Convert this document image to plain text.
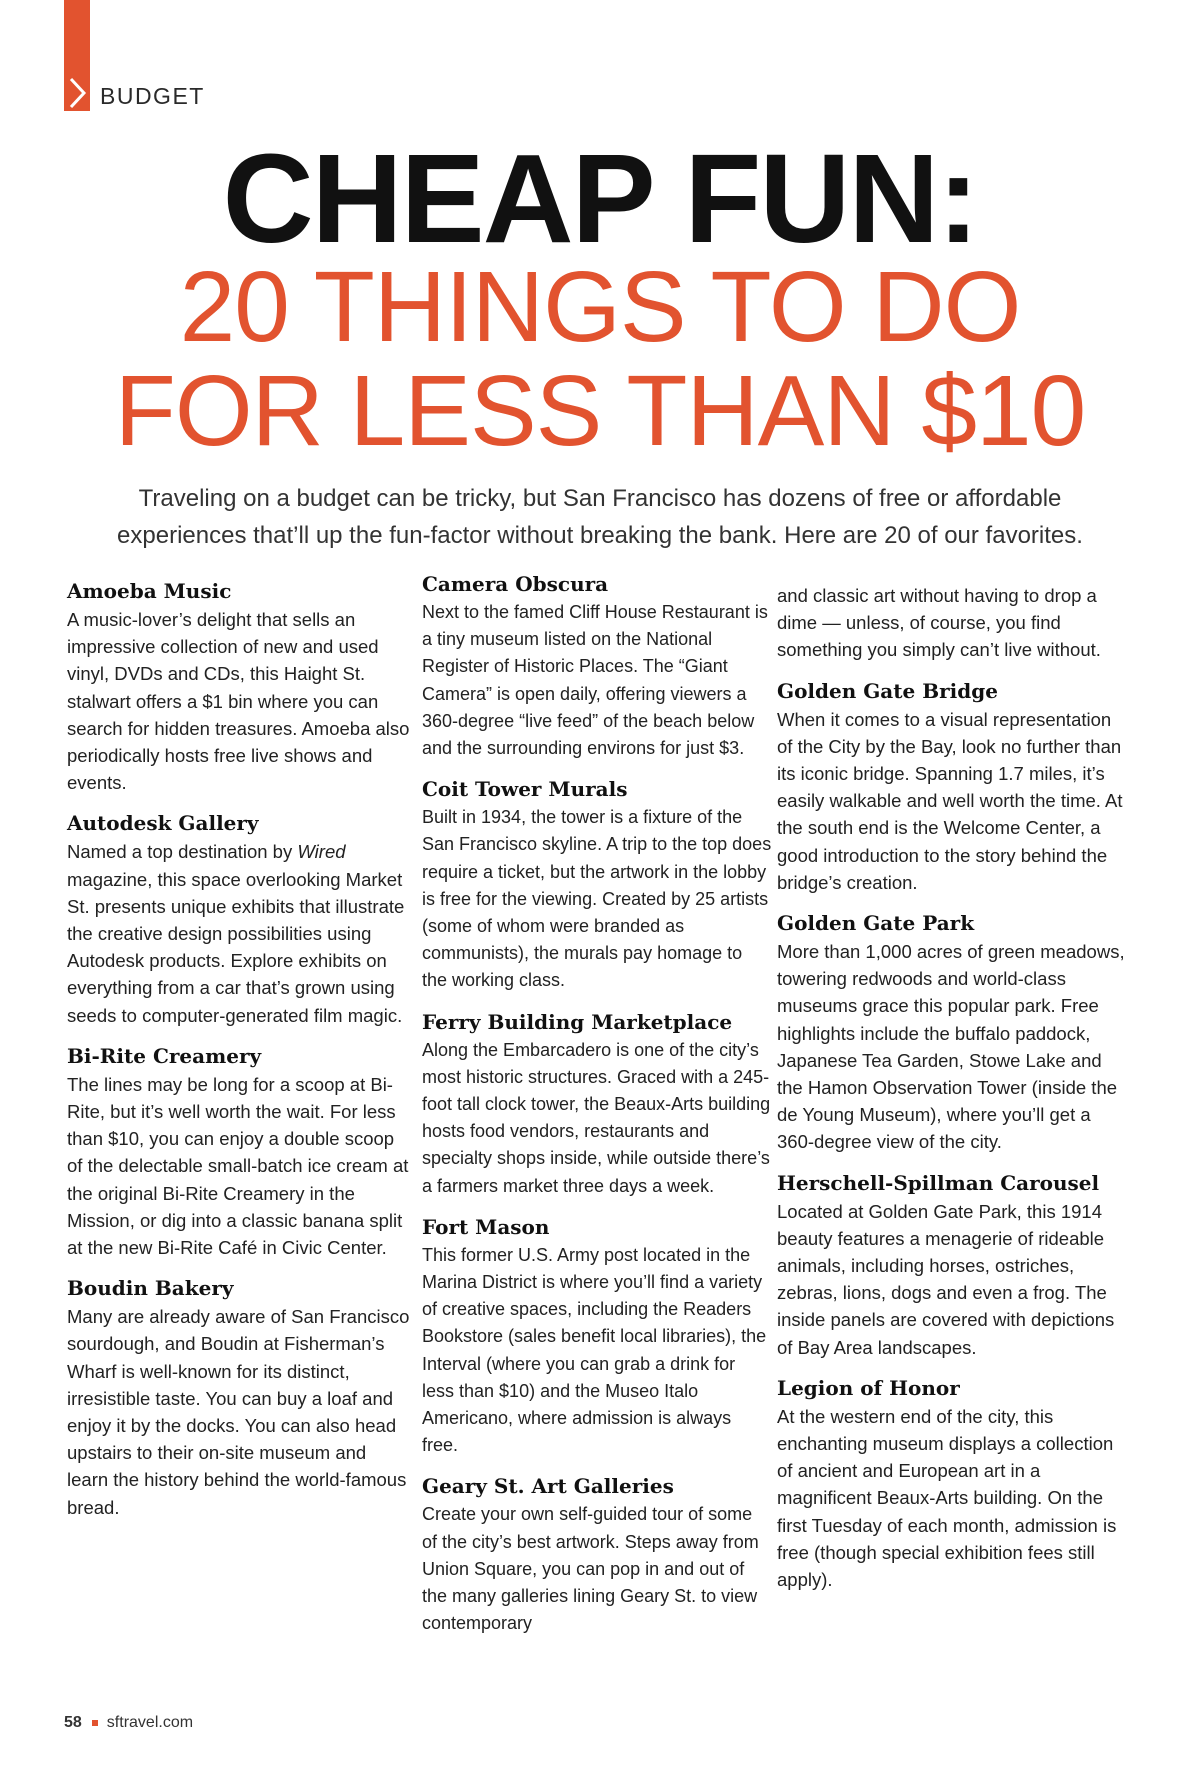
BUDGET
CHEAP FUN:
20 THINGS TO DO
FOR LESS THAN $10

Traveling on a budget can be tricky, but San Francisco has dozens of free or affordable
experiences that’ll up the fun-factor without breaking the bank. Here are 20 of our favorites.

Amoeba Music

A music-lover’s delight that sells an impressive collection of new and used vinyl, DVDs and CDs, this Haight St. stalwart offers a $1 bin where you can search for hidden treasures. Amoeba also periodically hosts free live shows and events.

Autodesk Gallery

Named a top destination by Wired magazine, this space overlooking Market St. presents unique exhibits that illustrate the creative design possibilities using Autodesk products. Explore exhibits on everything from a car that’s grown using seeds to computer-generated film magic.

Bi-Rite Creamery

The lines may be long for a scoop at Bi-Rite, but it’s well worth the wait. For less than $10, you can enjoy a double scoop of the delectable small-batch ice cream at the original Bi-Rite Creamery in the Mission, or dig into a classic banana split at the new Bi-Rite Café in Civic Center.

Boudin Bakery

Many are already aware of San Francisco sourdough, and Boudin at Fisherman’s Wharf is well-known for its distinct, irresistible taste. You can buy a loaf and enjoy it by the docks. You can also head upstairs to their on-site museum and learn the history behind the world-famous bread.

Camera Obscura

Next to the famed Cliff House Restaurant is a tiny museum listed on the National Register of Historic Places. The “Giant Camera” is open daily, offering viewers a 360-degree “live feed” of the beach below and the surrounding environs for just $3.

Coit Tower Murals

Built in 1934, the tower is a fixture of the San Francisco skyline. A trip to the top does require a ticket, but the artwork in the lobby is free for the viewing. Created by 25 artists (some of whom were branded as communists), the murals pay homage to the working class.

Ferry Building Marketplace

Along the Embarcadero is one of the city’s most historic structures. Graced with a 245-foot tall clock tower, the Beaux-Arts building hosts food vendors, restaurants and specialty shops inside, while outside there’s a farmers market three days a week.

Fort Mason

This former U.S. Army post located in the Marina District is where you’ll find a variety of creative spaces, including the Readers Bookstore (sales benefit local libraries), the Interval (where you can grab a drink for less than $10) and the Museo Italo Americano, where admission is always free.

Geary St. Art Galleries

Create your own self-guided tour of some of the city’s best artwork. Steps away from Union Square, you can pop in and out of the many galleries lining Geary St. to view contemporary

and classic art without having to drop a dime — unless, of course, you find something you simply can’t live without.

Golden Gate Bridge

When it comes to a visual representation of the City by the Bay, look no further than its iconic bridge. Spanning 1.7 miles, it’s easily walkable and well worth the time. At the south end is the Welcome Center, a good introduction to the story behind the bridge’s creation.

Golden Gate Park

More than 1,000 acres of green meadows, towering redwoods and world-class museums grace this popular park. Free highlights include the buffalo paddock, Japanese Tea Garden, Stowe Lake and the Hamon Observation Tower (inside the de Young Museum), where you’ll get a 360-degree view of the city.

Herschell-Spillman Carousel

Located at Golden Gate Park, this 1914 beauty features a menagerie of rideable animals, including horses, ostriches, zebras, lions, dogs and even a frog. The inside panels are covered with depictions of Bay Area landscapes.

Legion of Honor

At the western end of the city, this enchanting museum displays a collection of ancient and European art in a magnificent Beaux-Arts building. On the first Tuesday of each month, admission is free (though special exhibition fees still apply).

58 sftravel.com
